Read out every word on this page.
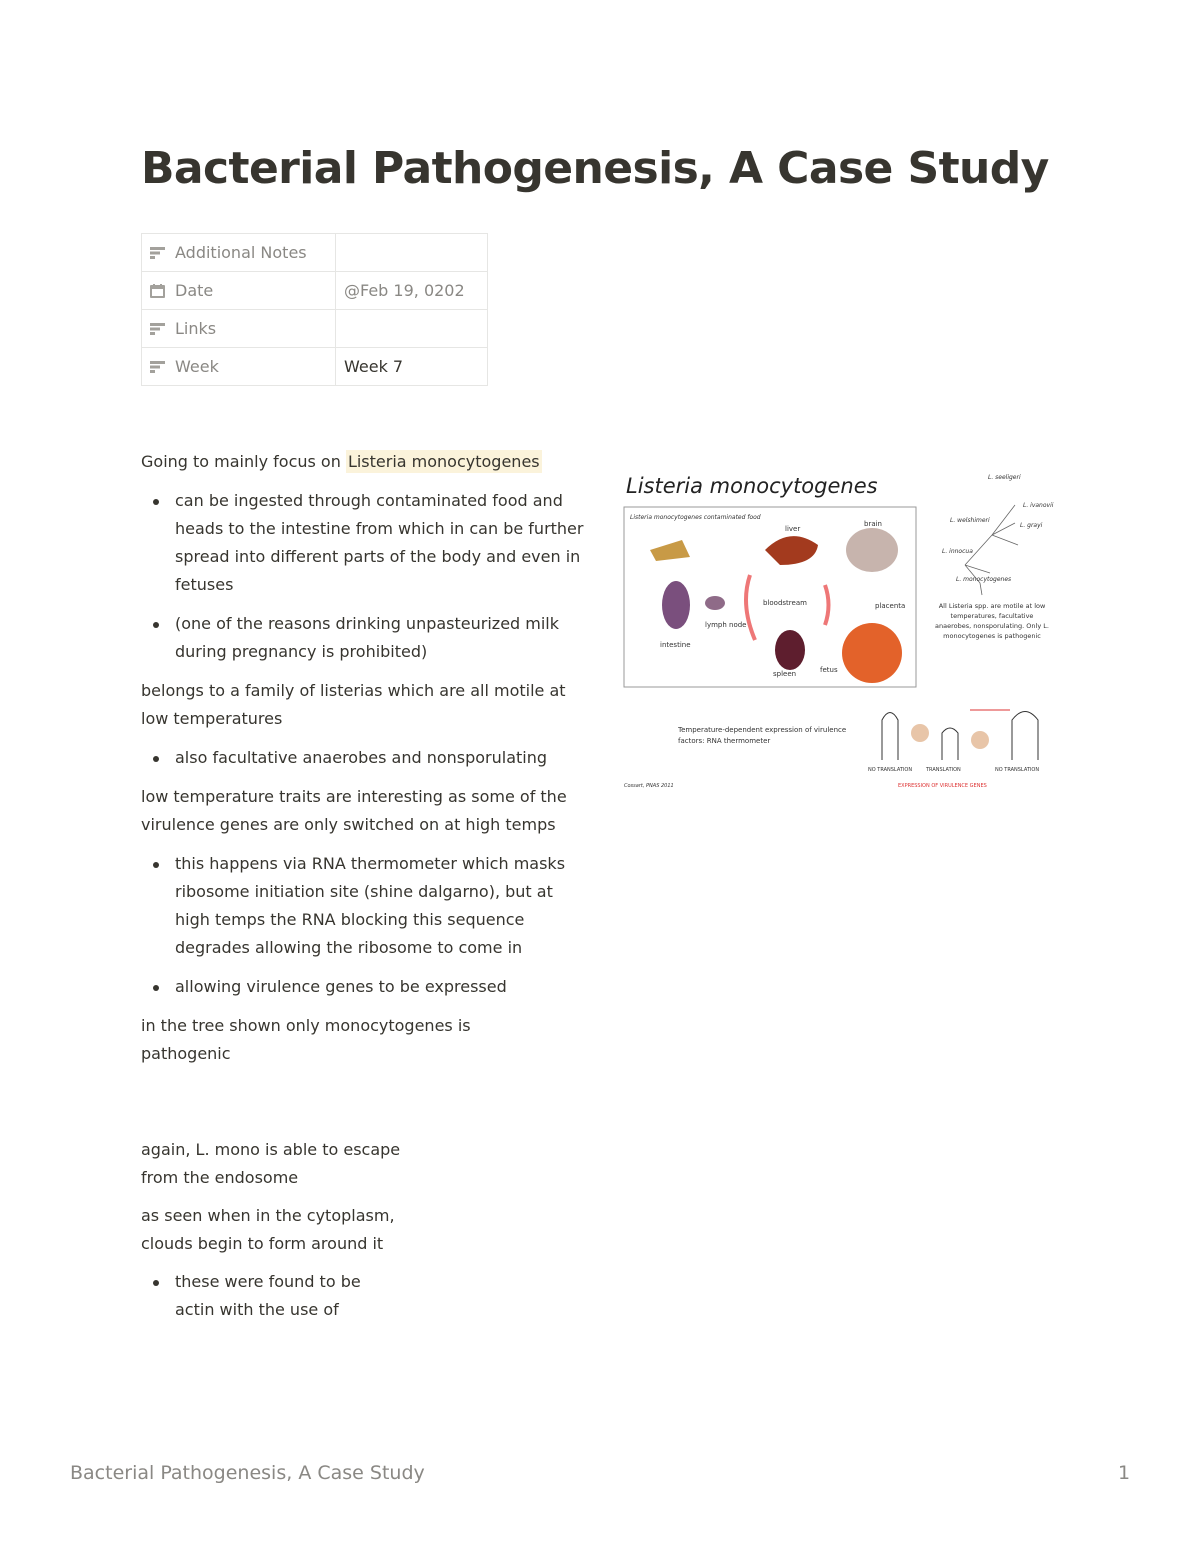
Bacterial Pathogenesis, A Case Study
Additional Notes	
Date	@Feb 19, 0202
Links	
Week	Week 7

Going to mainly focus on Listeria monocytogenes

can be ingested through contaminated food and heads to the intestine from which in can be further spread into different parts of the body and even in fetuses
(one of the reasons drinking unpasteurized milk during pregnancy is prohibited)

belongs to a family of listerias which are all motile at low temperatures

also facultative anaerobes and nonsporulating

low temperature traits are interesting as some of the virulence genes are only switched on at high temps

this happens via RNA thermometer which masks ribosome initiation site (shine dalgarno), but at high temps the RNA blocking this sequence degrades allowing the ribosome to come in
allowing virulence genes to be expressed

in the tree shown only monocytogenes is pathogenic

again, L. mono is able to escape from the endosome

as seen when in the cytoplasm, clouds begin to form around it

these were found to be actin with the use of
Listeria monocytogenes
Listeria monocytogenes contaminated food
bloodstream
liver
brain
placenta
lymph node
intestine
spleen	fetus
L. seeligeri
L. welshimeri
L. ivanovii
L. innocua
L. grayi
L. monocytogenes
All Listeria spp. are motile at low temperatures, facultative anaerobes, nonsporulating. Only L. monocytogenes is pathogenic
Temperature-dependent expression of virulence factors: RNA thermometer
NO TRANSLATION	TRANSLATION	NO TRANSLATION
EXPRESSION OF VIRULENCE GENES
Cossart, PNAS 2011
Bacterial Pathogenesis, A Case Study	1
